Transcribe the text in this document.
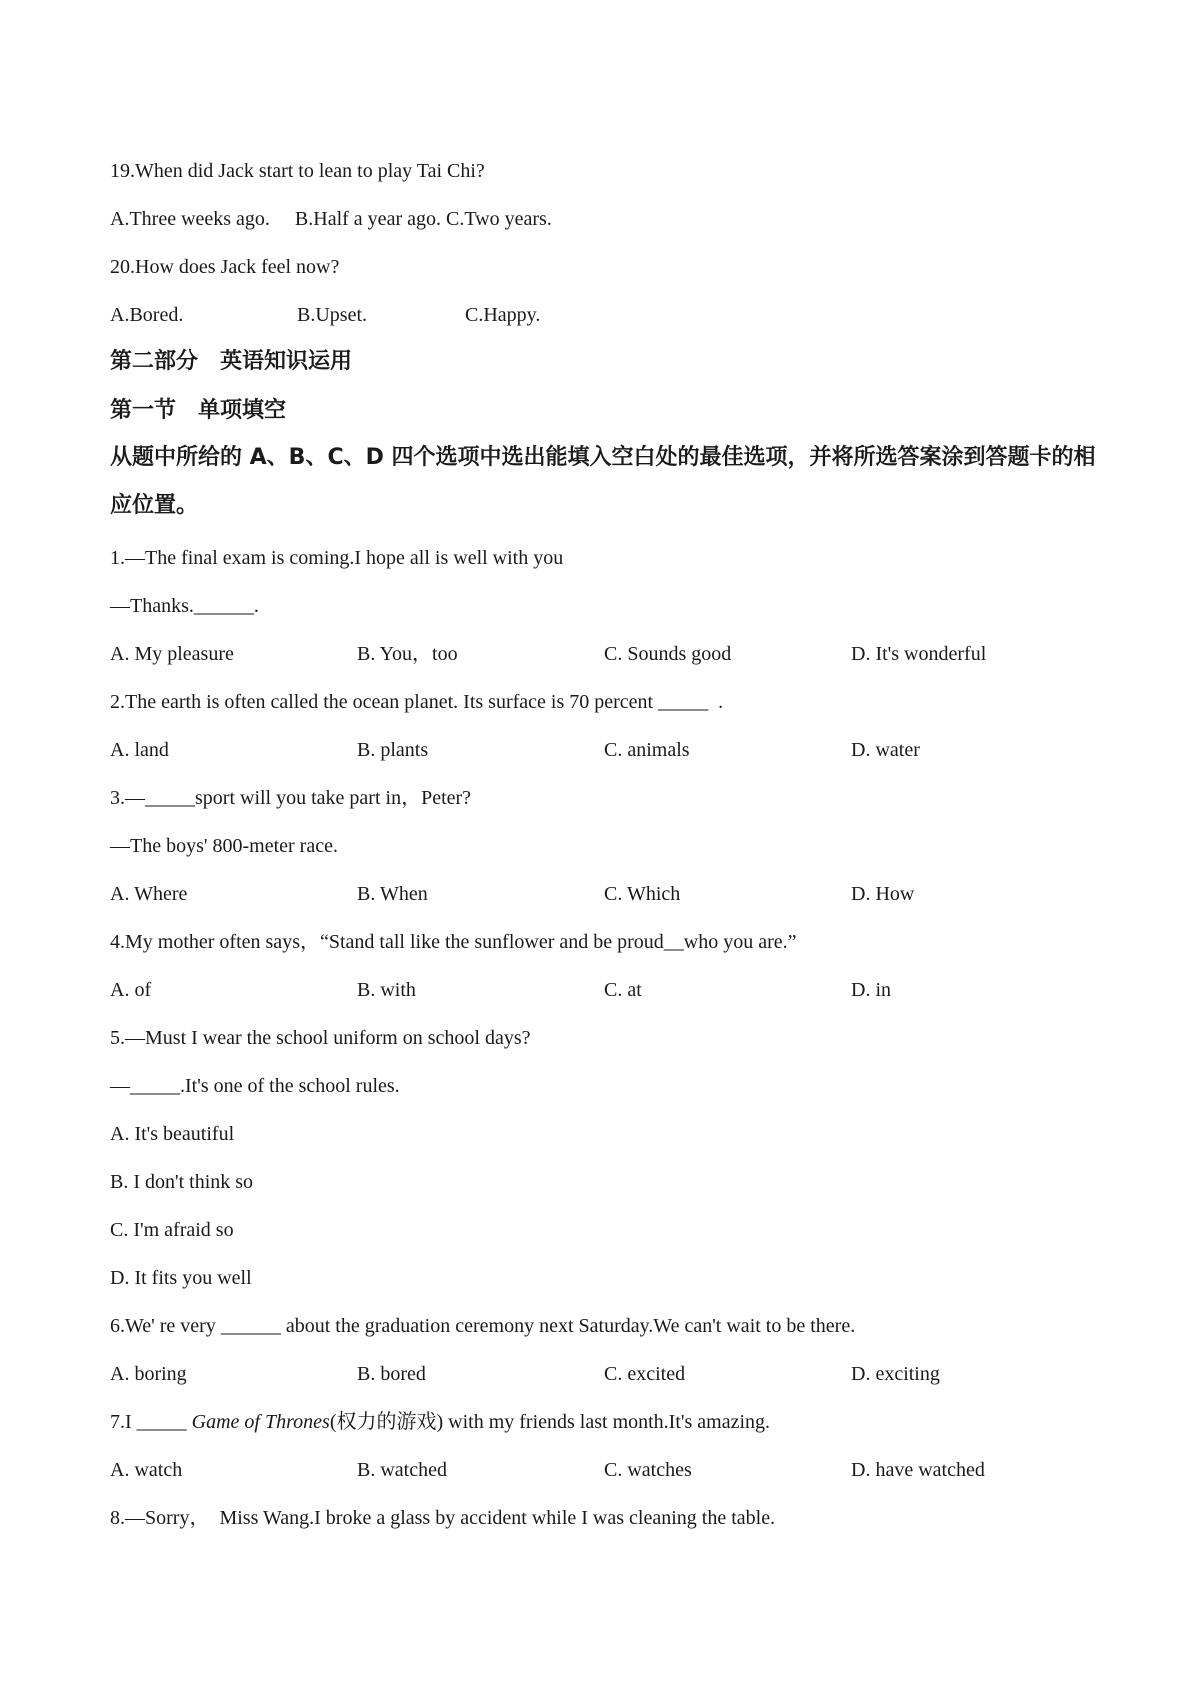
19.When did Jack start to lean to play Tai Chi?
A.Three weeks ago.     B.Half a year ago. C.Two years.
20.How does Jack feel now?
A.Bored.	B.Upset.	C.Happy.
第二部分　英语知识运用
第一节　单项填空
从题中所给的 A、B、C、D 四个选项中选出能填入空白处的最佳选项，并将所选答案涂到答题卡的相应位置。
1.—The final exam is coming.I hope all is well with you
—Thanks.______.
A. My pleasure	B. You，too	C. Sounds good	D. It's wonderful
2.The earth is often called the ocean planet. Its surface is 70 percent _____  .
A. land	B. plants	C. animals	D. water
3.—_____sport will you take part in，Peter?
—The boys' 800-meter race.
A. Where	B. When	C. Which	D. How
4.My mother often says，“Stand tall like the sunflower and be proud__who you are.”
A. of	B. with	C. at	D. in
5.—Must I wear the school uniform on school days?
—_____.It's one of the school rules.
A. It's beautiful
B. I don't think so
C. I'm afraid so
D. It fits you well
6.We' re very ______ about the graduation ceremony next Saturday.We can't wait to be there.
A. boring	B. bored	C. excited	D. exciting
7.I _____ Game of Thrones(权力的游戏) with my friends last month.It's amazing.
A. watch	B. watched	C. watches	D. have watched
8.—Sorry，  Miss Wang.I broke a glass by accident while I was cleaning the table.
